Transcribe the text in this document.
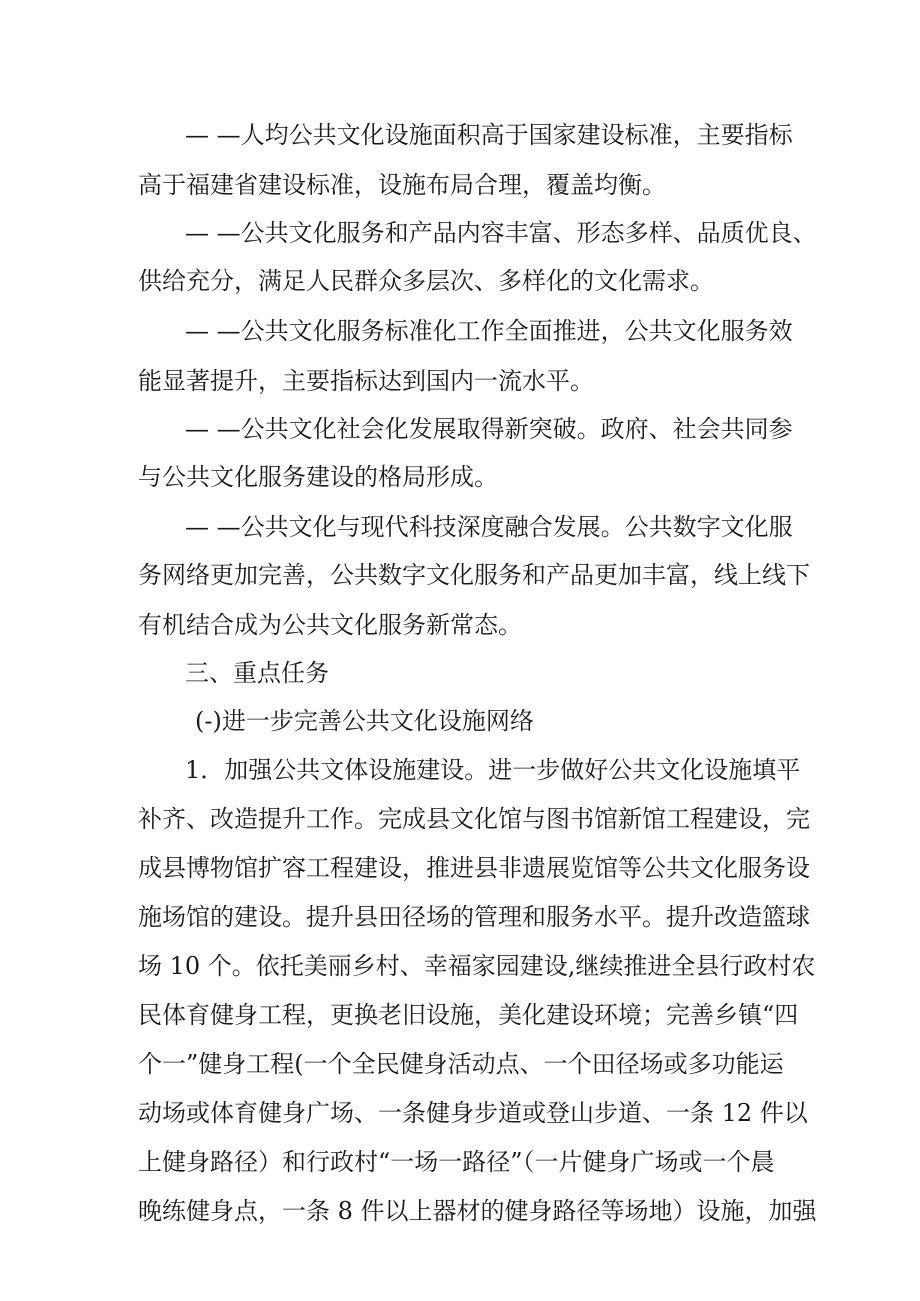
— —人均公共文化设施面积高于国家建设标准，主要指标
高于福建省建设标准，设施布局合理，覆盖均衡。
— —公共文化服务和产品内容丰富、形态多样、品质优良、
供给充分，满足人民群众多层次、多样化的文化需求。
— —公共文化服务标准化工作全面推进，公共文化服务效
能显著提升，主要指标达到国内一流水平。
— —公共文化社会化发展取得新突破。政府、社会共同参
与公共文化服务建设的格局形成。
— —公共文化与现代科技深度融合发展。公共数字文化服
务网络更加完善，公共数字文化服务和产品更加丰富，线上线下
有机结合成为公共文化服务新常态。
三、重点任务
(-)进一步完善公共文化设施网络
1．加强公共文体设施建设。进一步做好公共文化设施填平
补齐、改造提升工作。完成县文化馆与图书馆新馆工程建设，完
成县博物馆扩容工程建设，推进县非遗展览馆等公共文化服务设
施场馆的建设。提升县田径场的管理和服务水平。提升改造篮球
场 10 个。依托美丽乡村、幸福家园建设,继续推进全县行政村农
民体育健身工程，更换老旧设施，美化建设环境；完善乡镇“四
个一”健身工程(一个全民健身活动点、一个田径场或多功能运
动场或体育健身广场、一条健身步道或登山步道、一条 12 件以
上健身路径）和行政村“一场一路径”（一片健身广场或一个晨
晚练健身点，一条 8 件以上器材的健身路径等场地）设施，加强
